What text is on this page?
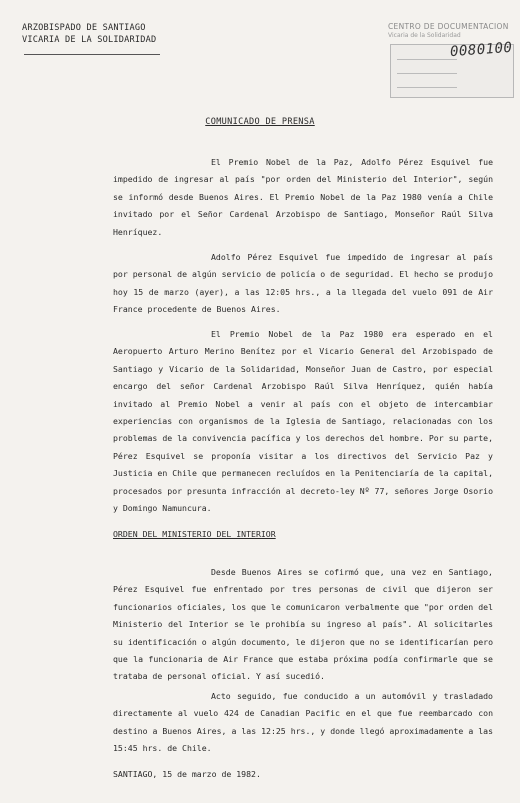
ARZOBISPADO DE SANTIAGO
VICARIA DE LA SOLIDARIDAD
CENTRO DE DOCUMENTACION
Vicaria de la Solidaridad
0080100
COMUNICADO DE PRENSA
El Premio Nobel de la Paz, Adolfo Pérez Esquivel fue impedido de ingresar al país "por orden del Ministerio del Interior", según se informó desde Buenos Aires. El Premio Nobel de la Paz 1980 venía a Chile invitado por el Señor Cardenal Arzobispo de Santiago, Monseñor Raúl Silva Henríquez.
Adolfo Pérez Esquivel fue impedido de ingresar al país por personal de algún servicio de policía o de seguridad. El hecho se produjo hoy 15 de marzo (ayer), a las 12:05 hrs., a la llegada del vuelo 091 de Air France procedente de Buenos Aires.
El Premio Nobel de la Paz 1980 era esperado en el Aeropuerto Arturo Merino Benítez por el Vicario General del Arzobispado de Santiago y Vicario de la Solidaridad, Monseñor Juan de Castro, por especial encargo del señor Cardenal Arzobispo Raúl Silva Henríquez, quién había invitado al Premio Nobel a venir al país con el objeto de intercambiar experiencias con organismos de la Iglesia de Santiago, relacionadas con los problemas de la convivencia pacífica y los derechos del hombre. Por su parte, Pérez Esquivel se proponía visitar a los directivos del Servicio Paz y Justicia en Chile que permanecen recluídos en la Penitenciaría de la capital, procesados por presunta infracción al decreto-ley Nº 77, señores Jorge Osorio y Domingo Namuncura.
ORDEN DEL MINISTERIO DEL INTERIOR
Desde Buenos Aires se cofirmó que, una vez en Santiago, Pérez Esquivel fue enfrentado por tres personas de civil que dijeron ser funcionarios oficiales, los que le comunicaron verbalmente que "por orden del Ministerio del Interior se le prohibía su ingreso al país". Al solicitarles su identificación o algún documento, le dijeron que no se identificarían pero que la funcionaria de Air France que estaba próxima podía confirmarle que se trataba de personal oficial. Y así sucedió.
Acto seguido, fue conducido a un automóvil y trasladado directamente al vuelo 424 de Canadian Pacific en el que fue reembarcado con destino a Buenos Aires, a las 12:25 hrs., y donde llegó aproximadamente a las 15:45 hrs. de Chile.
SANTIAGO, 15 de marzo de 1982.
